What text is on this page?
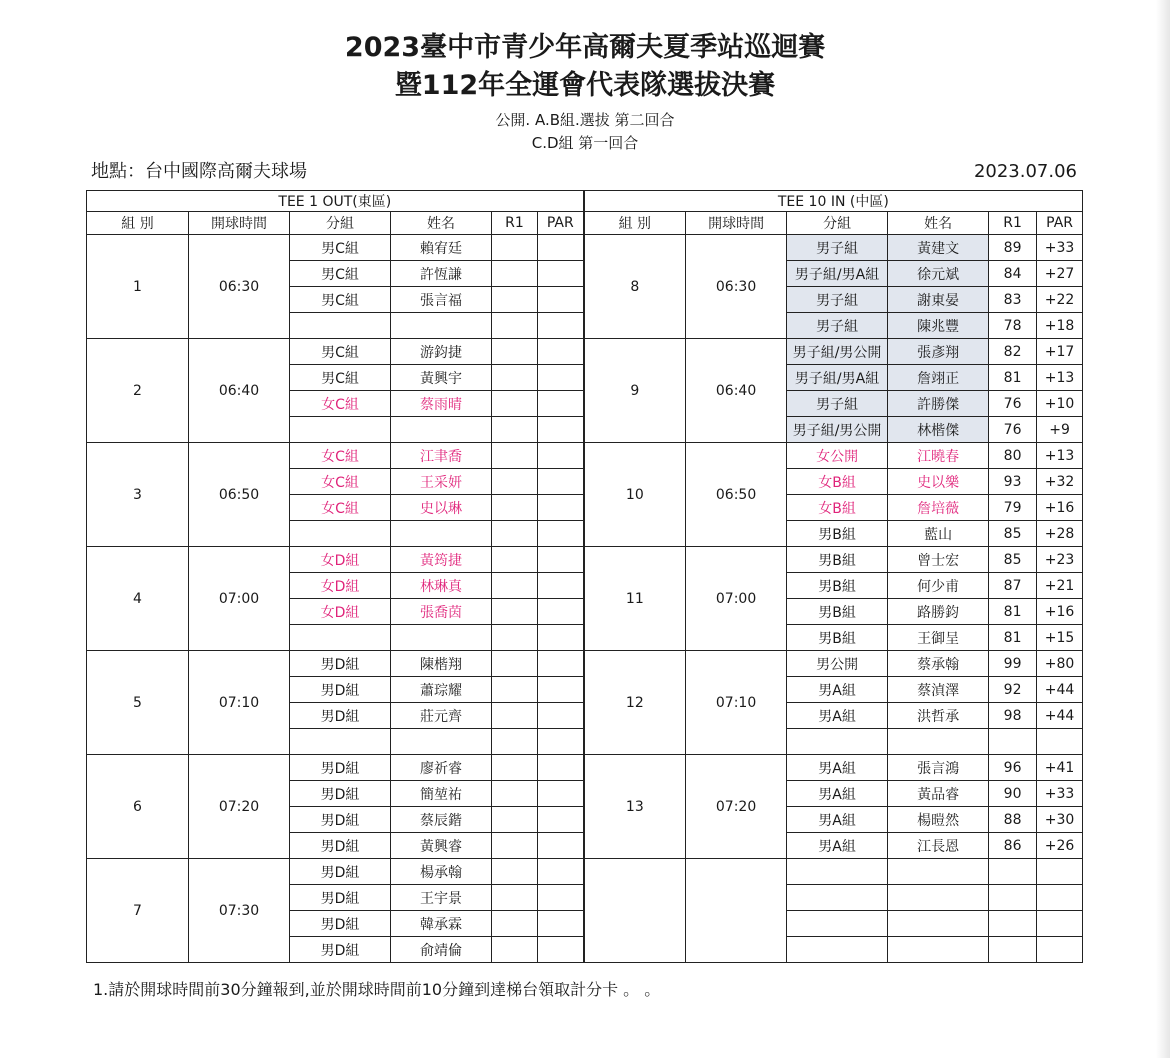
2023臺中市青少年高爾夫夏季站巡迴賽
暨112年全運會代表隊選拔決賽

公開. A.B組.選拔 第二回合

C.D組 第一回合

地點：台中國際高爾夫球場	2023.07.06
TEE 1 OUT(東區)						TEE 10 IN (中區)					
組 別	開球時間	分組	姓名	R1	PAR	組 別	開球時間	分組	姓名	R1	PAR
1	06:30	男C組	賴宥廷			8	06:30	男子組	黃建文	89	+33
		男C組	許恆謙					男子組/男A組	徐元斌	84	+27
		男C組	張言福					男子組	謝東晏	83	+22
								男子組	陳兆豐	78	+18
2	06:40	男C組	游鈞捷			9	06:40	男子組/男公開	張彥翔	82	+17
		男C組	黃興宇					男子組/男A組	詹翊正	81	+13
		女C組	蔡雨晴					男子組	許勝傑	76	+10
								男子組/男公開	林楷傑	76	+9
3	06:50	女C組	江聿喬			10	06:50	女公開	江曉春	80	+13
		女C組	王采妍					女B組	史以樂	93	+32
		女C組	史以琳					女B組	詹培薇	79	+16
								男B組	藍山	85	+28
4	07:00	女D組	黃筠捷			11	07:00	男B組	曾士宏	85	+23
		女D組	林琳真					男B組	何少甫	87	+21
		女D組	張喬茵					男B組	路勝鈞	81	+16
								男B組	王御呈	81	+15
5	07:10	男D組	陳楷翔			12	07:10	男公開	蔡承翰	99	+80
		男D組	蕭琮耀					男A組	蔡湞澤	92	+44
		男D組	莊元齊					男A組	洪哲承	98	+44

6	07:20	男D組	廖祈睿			13	07:20	男A組	張言鴻	96	+41
		男D組	簡堃祐					男A組	黃品睿	90	+33
		男D組	蔡辰鍇					男A組	楊暟然	88	+30
		男D組	黃興睿					男A組	江長恩	86	+26
7	07:30	男D組	楊承翰								
		男D組	王宇景								
		男D組	韓承霖								
		男D組	俞靖倫								
1.請於開球時間前30分鐘報到,並於開球時間前10分鐘到達梯台領取計分卡 。 。
